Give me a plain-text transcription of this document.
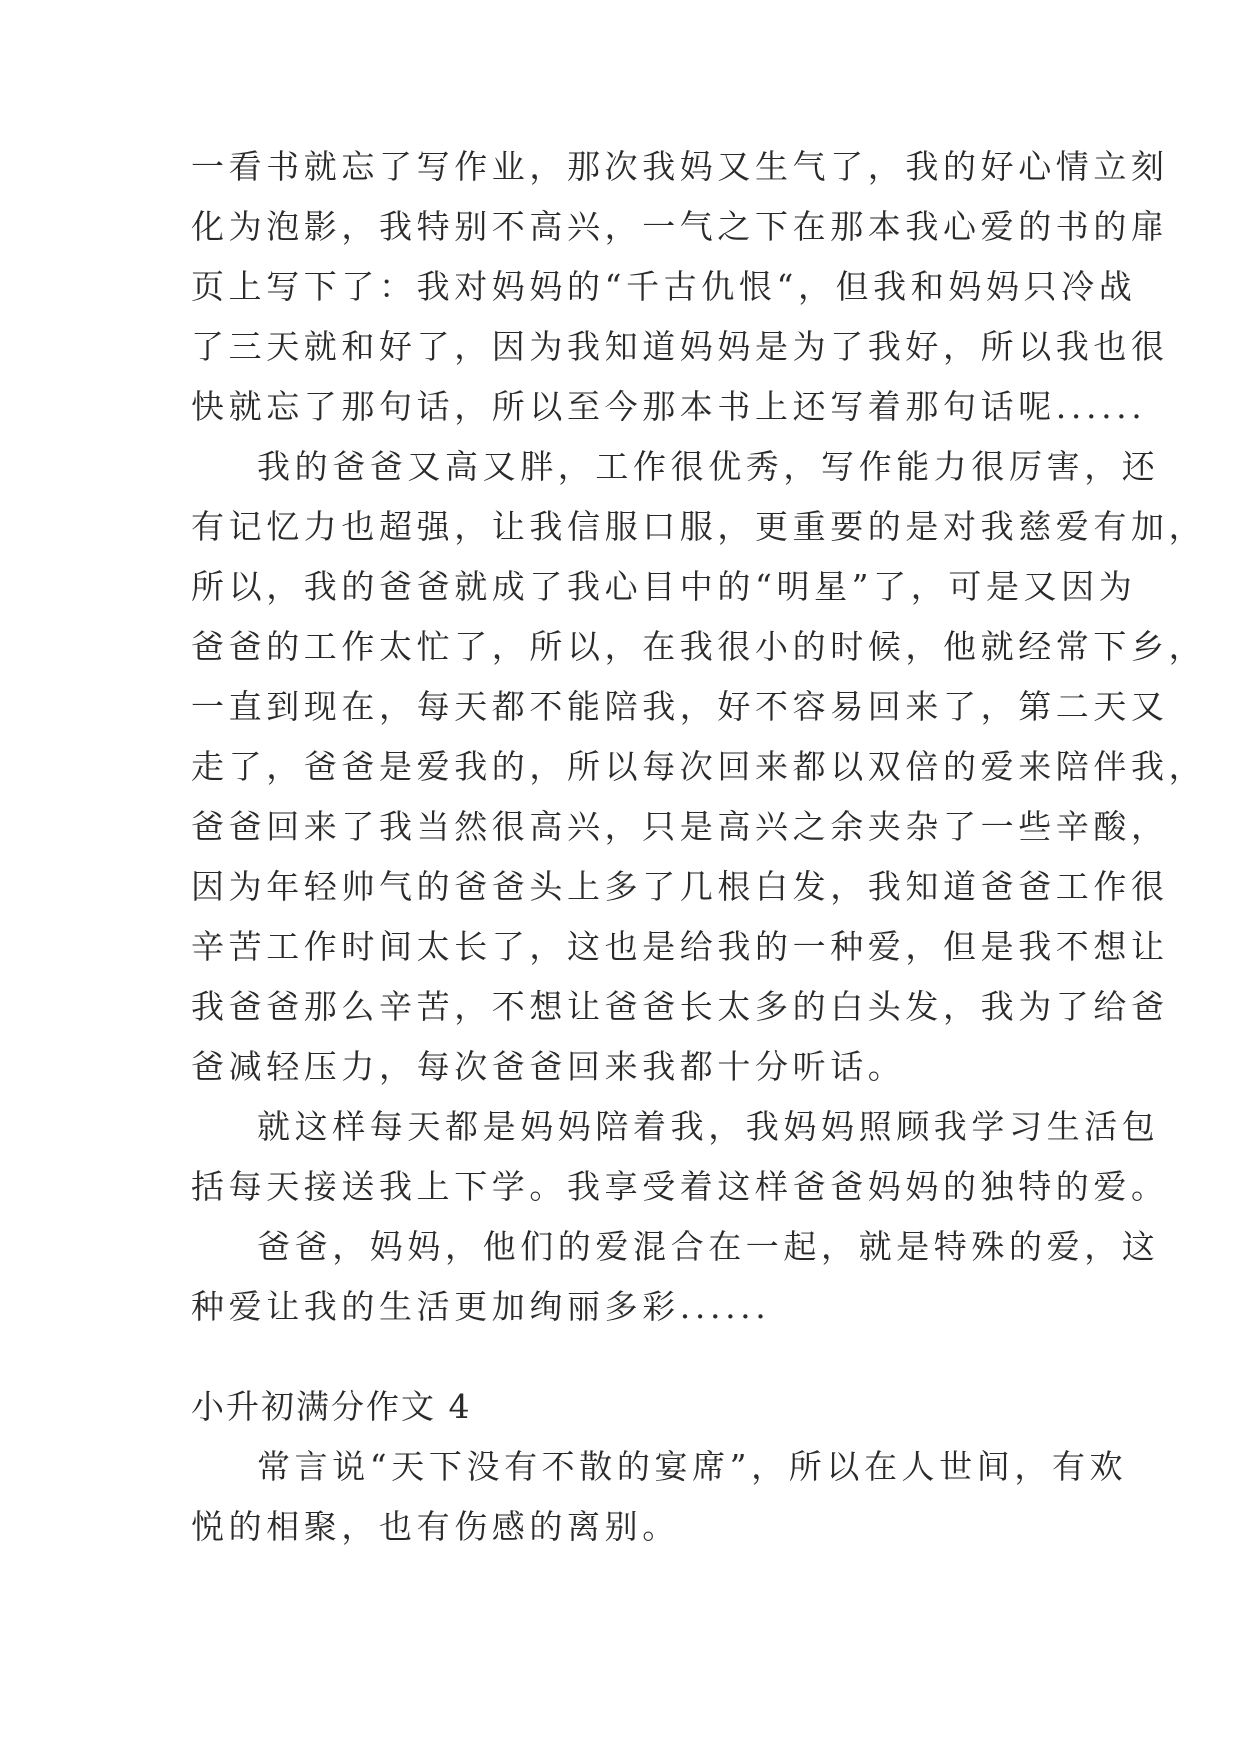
一看书就忘了写作业，那次我妈又生气了，我的好心情立刻
化为泡影，我特别不高兴，一气之下在那本我心爱的书的扉
页上写下了：我对妈妈的“千古仇恨“，但我和妈妈只冷战
了三天就和好了，因为我知道妈妈是为了我好，所以我也很
快就忘了那句话，所以至今那本书上还写着那句话呢......
我的爸爸又高又胖，工作很优秀，写作能力很厉害，还
有记忆力也超强，让我信服口服，更重要的是对我慈爱有加，
所以，我的爸爸就成了我心目中的“明星”了，可是又因为
爸爸的工作太忙了，所以，在我很小的时候，他就经常下乡，
一直到现在，每天都不能陪我，好不容易回来了，第二天又
走了，爸爸是爱我的，所以每次回来都以双倍的爱来陪伴我，
爸爸回来了我当然很高兴，只是高兴之余夹杂了一些辛酸，
因为年轻帅气的爸爸头上多了几根白发，我知道爸爸工作很
辛苦工作时间太长了，这也是给我的一种爱，但是我不想让
我爸爸那么辛苦，不想让爸爸长太多的白头发，我为了给爸
爸减轻压力，每次爸爸回来我都十分听话。
就这样每天都是妈妈陪着我，我妈妈照顾我学习生活包
括每天接送我上下学。我享受着这样爸爸妈妈的独特的爱。
爸爸，妈妈，他们的爱混合在一起，就是特殊的爱，这
种爱让我的生活更加绚丽多彩......
小升初满分作文 4
常言说“天下没有不散的宴席”，所以在人世间，有欢
悦的相聚，也有伤感的离别。
